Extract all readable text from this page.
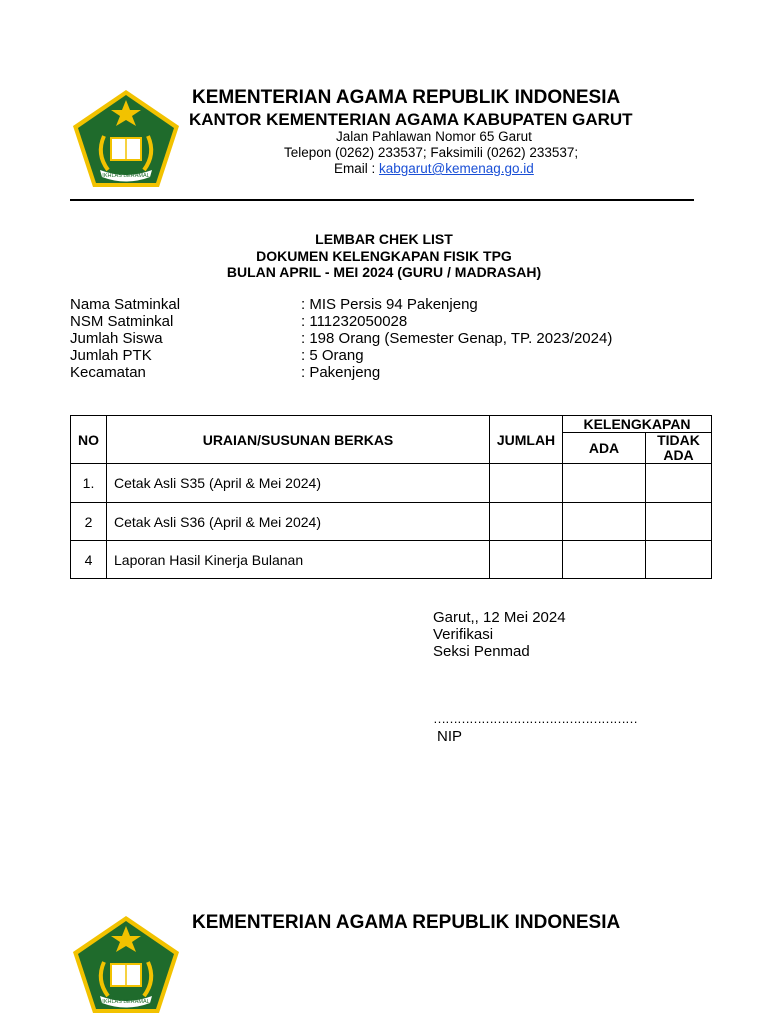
IKHLAS BERAMAL
KEMENTERIAN AGAMA REPUBLIK INDONESIA
KANTOR KEMENTERIAN AGAMA KABUPATEN GARUT
Jalan Pahlawan Nomor 65 Garut
Telepon (0262) 233537; Faksimili (0262) 233537;
Email : kabgarut@kemenag.go.id
LEMBAR CHEK LIST
DOKUMEN KELENGKAPAN FISIK TPG
BULAN APRIL - MEI 2024 (GURU / MADRASAH)
Nama Satminkal	: MIS Persis 94 Pakenjeng
NSM Satminkal	: 111232050028
Jumlah Siswa	: 198 Orang (Semester Genap, TP. 2023/2024)
Jumlah PTK	: 5 Orang
Kecamatan	: Pakenjeng
NO	URAIAN/SUSUNAN BERKAS	JUMLAH	KELENGKAPAN	
			ADA	TIDAK
ADA
1.	Cetak Asli S35 (April & Mei 2024)			
2	Cetak Asli S36 (April & Mei 2024)			
4	Laporan Hasil Kinerja Bulanan			
Garut,, 12 Mei 2024
Verifikasi
Seksi Penmad
……………………………………………
NIP
IKHLAS BERAMAL
KEMENTERIAN AGAMA REPUBLIK INDONESIA
